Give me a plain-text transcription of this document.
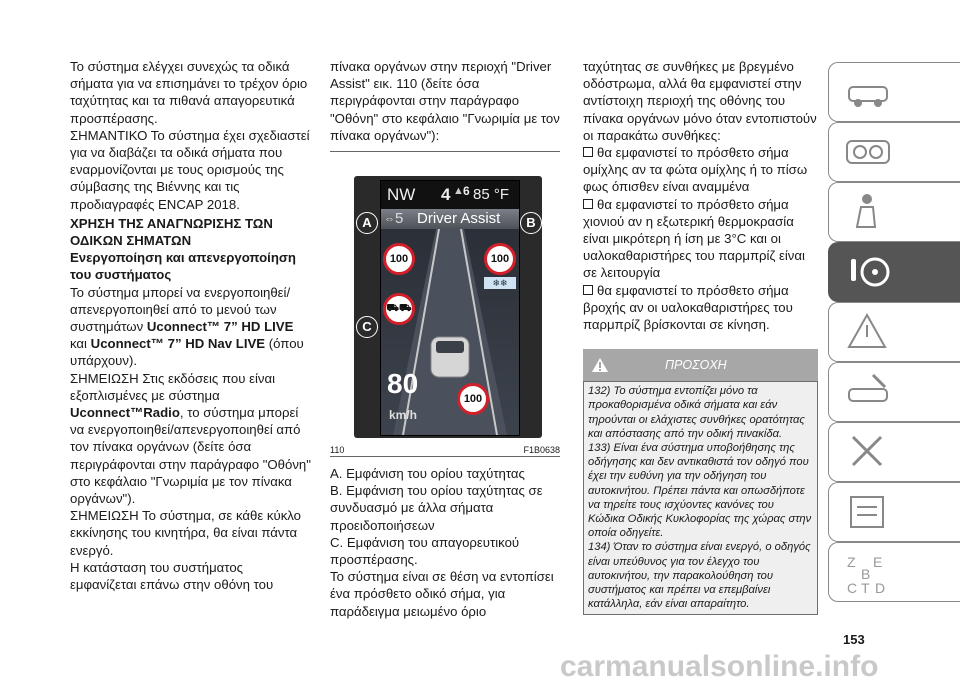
Το σύστημα ελέγχει συνεχώς τα οδικά σήματα για να επισημάνει το τρέχον όριο ταχύτητας και τα πιθανά απαγορευτικά προσπέρασης.

ΣΗΜΑΝΤΙΚΟ Το σύστημα έχει σχεδιαστεί για να διαβάζει τα οδικά σήματα που εναρμονίζονται με τους ορισμούς της σύμβασης της Βιέννης και τις προδιαγραφές ENCAP 2018.

ΧΡΗΣΗ ΤΗΣ ΑΝΑΓΝΩΡΙΣΗΣ ΤΩΝ ΟΔΙΚΩΝ ΣΗΜΑΤΩΝ

Ενεργοποίηση και απενεργοποίηση του συστήματος

Το σύστημα μπορεί να ενεργοποιηθεί/απενεργοποιηθεί από το μενού των συστημάτων Uconnect™ 7” HD LIVE και Uconnect™ 7” HD Nav LIVE (όπου υπάρχουν).

ΣΗΜΕΙΩΣΗ Στις εκδόσεις που είναι εξοπλισμένες με σύστημα Uconnect™Radio, το σύστημα μπορεί να ενεργοποιηθεί/απενεργοποιηθεί από τον πίνακα οργάνων (δείτε όσα περιγράφονται στην παράγραφο "Οθόνη" στο κεφάλαιο "Γνωριμία με τον πίνακα οργάνων").

ΣΗΜΕΙΩΣΗ Το σύστημα, σε κάθε κύκλο εκκίνησης του κινητήρα, θα είναι πάντα ενεργό.

Η κατάσταση του συστήματος εμφανίζεται επάνω στην οθόνη του

πίνακα οργάνων στην περιοχή "Driver Assist" εικ. 110 (δείτε όσα περιγράφονται στην παράγραφο "Οθόνη" στο κεφάλαιο "Γνωριμία με τον πίνακα οργάνων"):

NW 4 ▲ 6 85 °F
⇔ 5 Driver Assist
100	100
❄❄
⛟⛟
80
km/h
100
A	B
C
110	F1B0638

A. Εμφάνιση του ορίου ταχύτητας

B. Εμφάνιση του ορίου ταχύτητας σε συνδυασμό με άλλα σήματα προειδοποιήσεων

C. Εμφάνιση του απαγορευτικού προσπέρασης.

Το σύστημα είναι σε θέση να εντοπίσει ένα πρόσθετο οδικό σήμα, για παράδειγμα μειωμένο όριο

ταχύτητας σε συνθήκες με βρεγμένο οδόστρωμα, αλλά θα εμφανιστεί στην αντίστοιχη περιοχή της οθόνης του πίνακα οργάνων μόνο όταν εντοπιστούν οι παρακάτω συνθήκες:

θα εμφανιστεί το πρόσθετο σήμα ομίχλης αν τα φώτα ομίχλης ή το πίσω φως όπισθεν είναι αναμμένα

θα εμφανιστεί το πρόσθετο σήμα χιονιού αν η εξωτερική θερμοκρασία είναι μικρότερη ή ίση με 3°C και οι υαλοκαθαριστήρες του παρμπρίζ είναι σε λειτουργία

θα εμφανιστεί το πρόσθετο σήμα βροχής αν οι υαλοκαθαριστήρες του παρμπρίζ βρίσκονται σε κίνηση.

ΠΡΟΣΟΧΗ

132) Το σύστημα εντοπίζει μόνο τα προκαθορισμένα οδικά σήματα και εάν τηρούνται οι ελάχιστες συνθήκες ορατότητας και απόστασης από την οδική πινακίδα.

133) Είναι ένα σύστημα υποβοήθησης της οδήγησης και δεν αντικαθιστά τον οδηγό που έχει την ευθύνη για την οδήγηση του αυτοκινήτου. Πρέπει πάντα και οπωσδήποτε να τηρείτε τους ισχύοντες κανόνες του Κώδικα Οδικής Κυκλοφορίας της χώρας στην οποία οδηγείτε.

134) Όταν το σύστημα είναι ενεργό, ο οδηγός είναι υπεύθυνος για τον έλεγχο του αυτοκινήτου, την παρακολούθηση του συστήματος και πρέπει να επεμβαίνει κατάλληλα, εάν είναι απαραίτητο.

Z E
B
C T D
153
carmanualsonline.info
